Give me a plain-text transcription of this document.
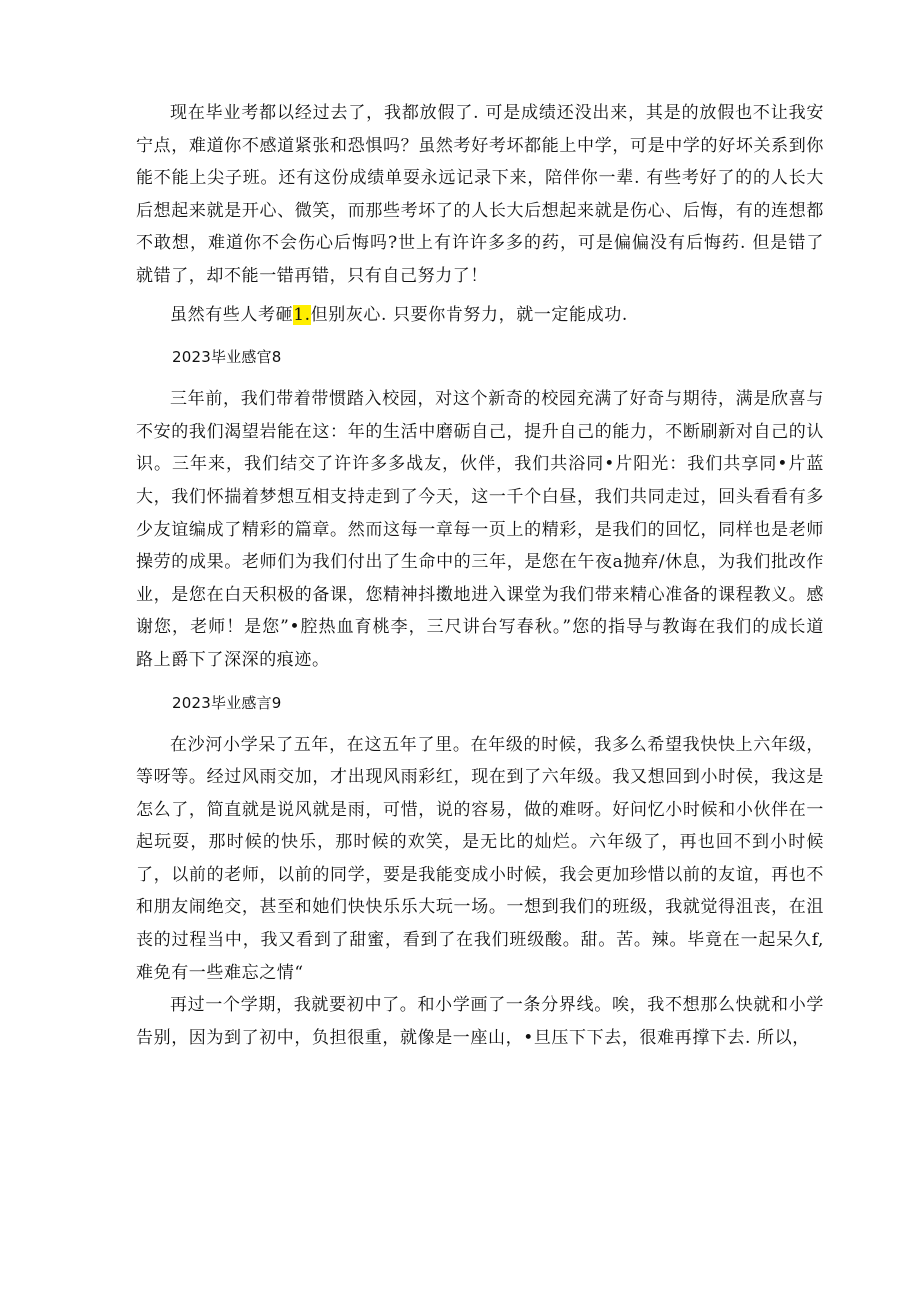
现在毕业考都以经过去了，我都放假了. 可是成绩还没出来，其是的放假也不让我安宁点，难道你不感道紧张和恐惧吗？虽然考好考坏都能上中学，可是中学的好坏关系到你能不能上尖子班。还有这份成绩单耍永远记录下来，陪伴你一辈. 有些考好了的的人长大后想起来就是开心、微笑，而那些考坏了的人长大后想起来就是伤心、后悔，有的连想都不敢想，难道你不会伤心后悔吗?世上有许许多多的药，可是偏偏没有后悔药. 但是错了就错了，却不能一错再错，只有自己努力了！

虽然有些人考砸1.但别灰心. 只要你肯努力，就一定能成功.

2023毕业感官8

三年前，我们带着带惯踏入校园，对这个新奇的校园充满了好奇与期待，满是欣喜与不安的我们渴望岩能在这：年的生活中磨砺自己，提升自己的能力，不断刷新对自己的认识。三年来，我们结交了许许多多战友，伙伴，我们共浴同•片阳光：我们共享同•片蓝大，我们怀揣着梦想互相支持走到了今天，这一千个白昼，我们共同走过，回头看看有多少友谊编成了精彩的篇章。然而这每一章每一页上的精彩，是我们的回忆，同样也是老师操劳的成果。老师们为我们付出了生命中的三年，是您在午夜a抛弃/休息，为我们批改作业，是您在白天积极的备课，您精神抖擞地进入课堂为我们带来精心准备的课程教义。感谢您，老师！是您”•腔热血育桃李，三尺讲台写春秋。”您的指导与教诲在我们的成长道路上爵下了深深的痕迹。

2023毕业感言9

在沙河小学呆了五年，在这五年了里。在年级的时候，我多么希望我快快上六年级，等呀等。经过风雨交加，才出现风雨彩红，现在到了六年级。我又想回到小时侯，我这是怎么了，简直就是说风就是雨，可惜，说的容易，做的难呀。好问忆小时候和小伙伴在一起玩耍，那时候的快乐，那时候的欢笑，是无比的灿烂。六年级了，再也回不到小时候了，以前的老师，以前的同学，要是我能变成小时候，我会更加珍惜以前的友谊，再也不和朋友闹绝交，甚至和她们快快乐乐大玩一场。一想到我们的班级，我就觉得沮丧，在沮丧的过程当中，我又看到了甜蜜，看到了在我们班级酸。甜。苦。辣。毕竟在一起呆久f,难免有一些难忘之情“

再过一个学期，我就要初中了。和小学画了一条分界线。唉，我不想那么快就和小学告别，因为到了初中，负担很重，就像是一座山，•旦压下下去，很难再撑下去. 所以，
